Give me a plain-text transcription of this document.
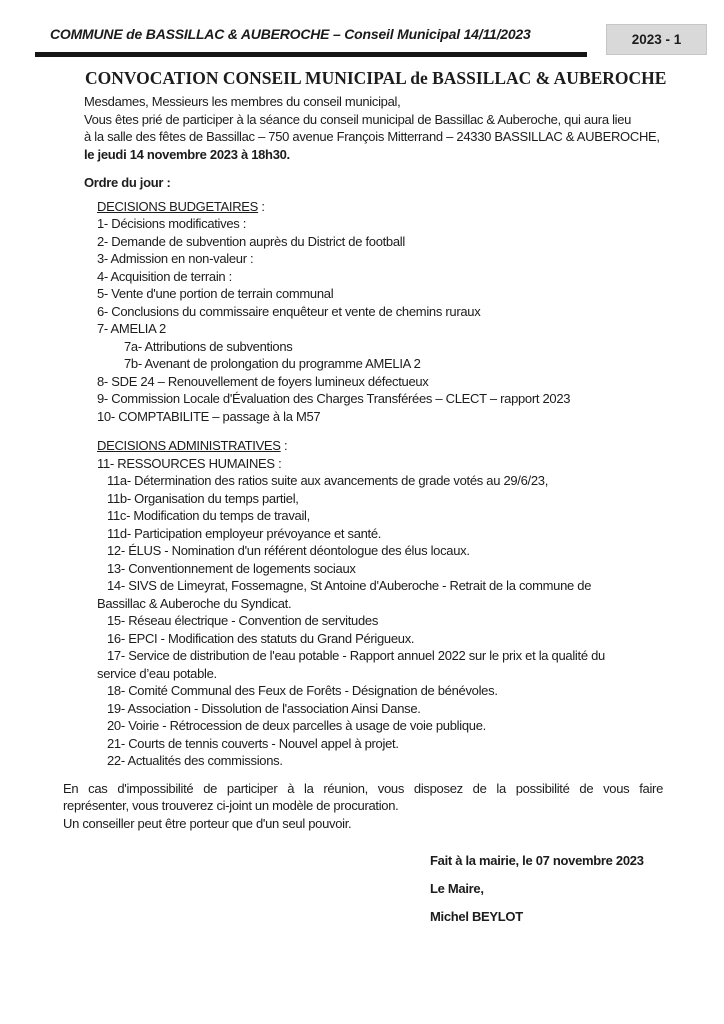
COMMUNE de BASSILLAC & AUBEROCHE – Conseil Municipal 14/11/2023	2023 - 1
CONVOCATION CONSEIL MUNICIPAL de BASSILLAC & AUBEROCHE
Mesdames, Messieurs les membres du conseil municipal,
Vous êtes prié de participer à la séance du conseil municipal de Bassillac & Auberoche, qui aura lieu
à la salle des fêtes de Bassillac – 750 avenue François Mitterrand – 24330 BASSILLAC & AUBEROCHE,
le jeudi 14 novembre 2023 à 18h30.
Ordre du jour :
DECISIONS BUDGETAIRES :
1- Décisions modificatives :
2- Demande de subvention auprès du District de football
3- Admission en non-valeur :
4- Acquisition de terrain :
5- Vente d'une portion de terrain communal
6- Conclusions du commissaire enquêteur et vente de chemins ruraux
7- AMELIA 2
7a- Attributions de subventions
7b- Avenant de prolongation du programme AMELIA 2
8- SDE 24 – Renouvellement de foyers lumineux défectueux
9- Commission Locale d'Évaluation des Charges Transférées – CLECT – rapport 2023
10- COMPTABILITE – passage à la M57
DECISIONS ADMINISTRATIVES :
11- RESSOURCES HUMAINES :
11a- Détermination des ratios suite aux avancements de grade votés au 29/6/23,
11b- Organisation du temps partiel,
11c- Modification du temps de travail,
11d- Participation employeur prévoyance et santé.
12- ÉLUS - Nomination d'un référent déontologue des élus locaux.
13- Conventionnement de logements sociaux
14- SIVS de Limeyrat, Fossemagne, St Antoine d'Auberoche - Retrait de la commune de
Bassillac & Auberoche du Syndicat.
15- Réseau électrique - Convention de servitudes
16- EPCI - Modification des statuts du Grand Périgueux.
17- Service de distribution de l'eau potable - Rapport annuel 2022 sur le prix et la qualité du
service d’eau potable.
18- Comité Communal des Feux de Forêts - Désignation de bénévoles.
19- Association - Dissolution de l'association Ainsi Danse.
20- Voirie - Rétrocession de deux parcelles à usage de voie publique.
21- Courts de tennis couverts - Nouvel appel à projet.
22- Actualités des commissions.
En cas d'impossibilité de participer à la réunion, vous disposez de la possibilité de vous faire
représenter, vous trouverez ci-joint un modèle de procuration.
Un conseiller peut être porteur que d'un seul pouvoir.
Fait à la mairie, le 07 novembre 2023
Le Maire,
Michel BEYLOT
